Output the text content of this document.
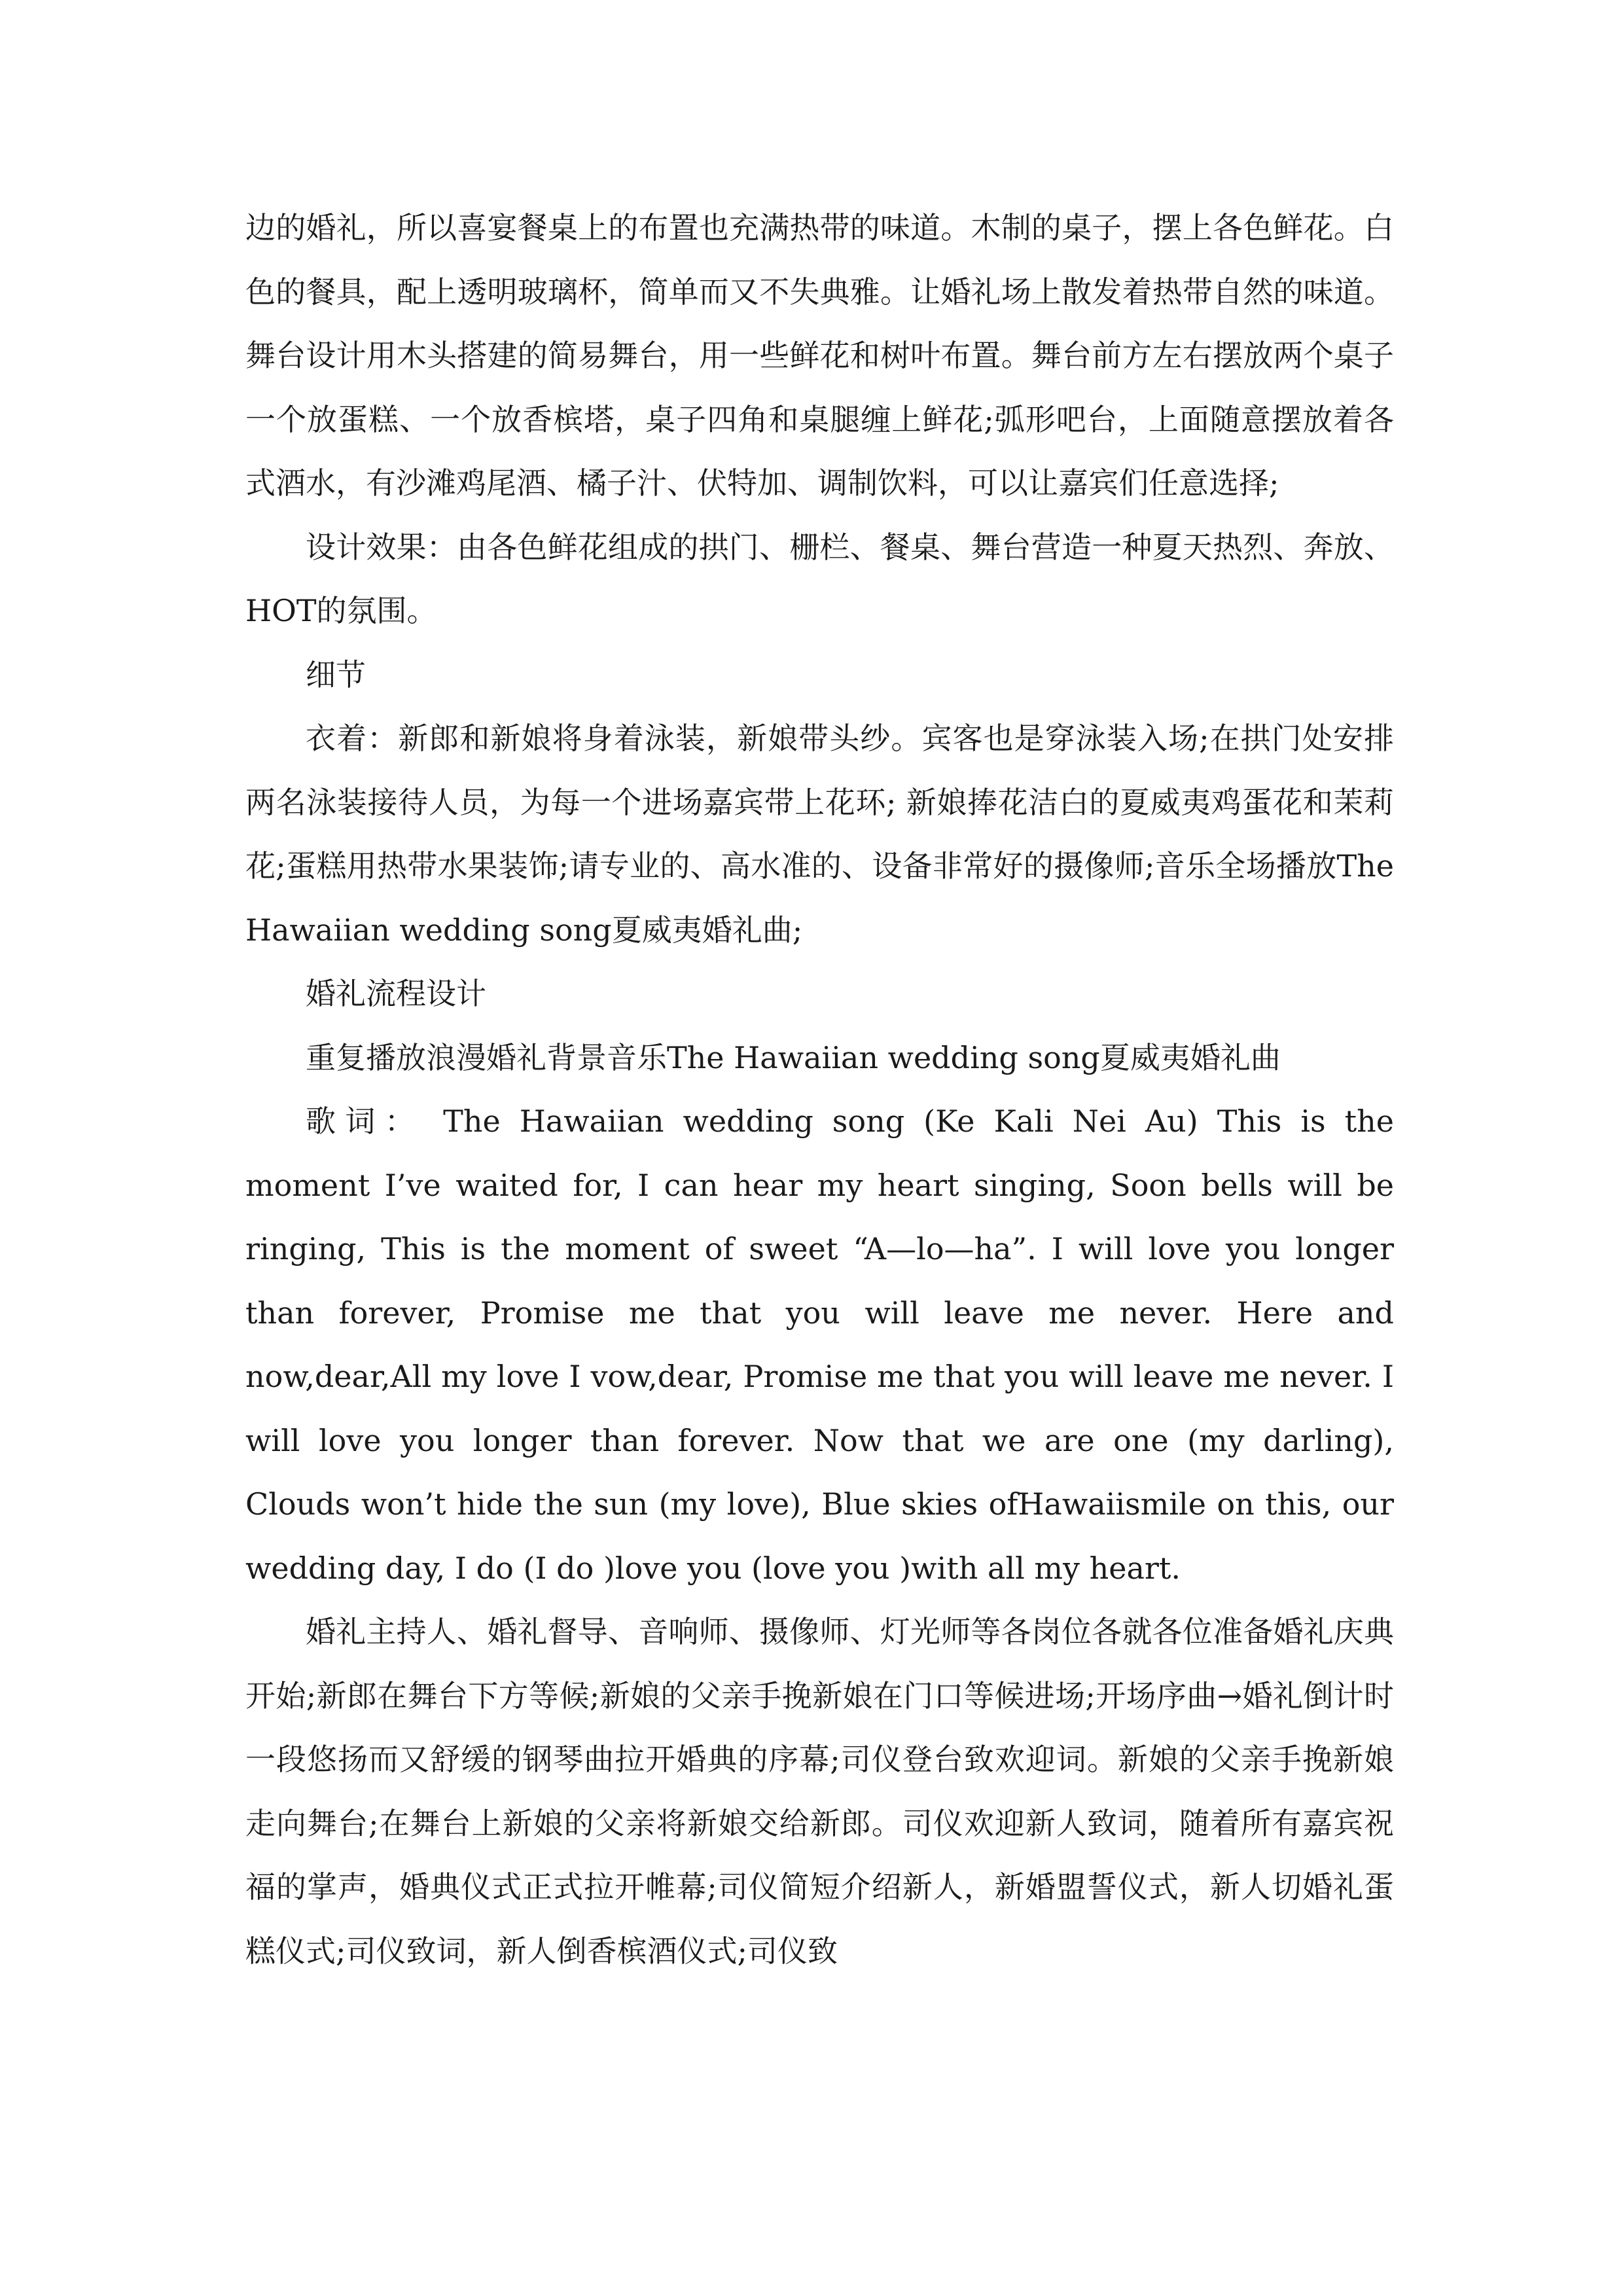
边的婚礼，所以喜宴餐桌上的布置也充满热带的味道。木制的桌子，摆上各色鲜花。白色的餐具，配上透明玻璃杯，简单而又不失典雅。让婚礼场上散发着热带自然的味道。 舞台设计用木头搭建的简易舞台，用一些鲜花和树叶布置。舞台前方左右摆放两个桌子一个放蛋糕、一个放香槟塔，桌子四角和桌腿缠上鲜花;弧形吧台，上面随意摆放着各式酒水，有沙滩鸡尾酒、橘子汁、伏特加、调制饮料，可以让嘉宾们任意选择;

设计效果：由各色鲜花组成的拱门、栅栏、餐桌、舞台营造一种夏天热烈、奔放、HOT的氛围。

细节

衣着：新郎和新娘将身着泳装，新娘带头纱。宾客也是穿泳装入场;在拱门处安排两名泳装接待人员，为每一个进场嘉宾带上花环; 新娘捧花洁白的夏威夷鸡蛋花和茉莉花;蛋糕用热带水果装饰;请专业的、高水准的、设备非常好的摄像师;音乐全场播放The Hawaiian wedding song夏威夷婚礼曲;

婚礼流程设计

重复播放浪漫婚礼背景音乐The Hawaiian wedding song夏威夷婚礼曲

歌词： The Hawaiian wedding song (Ke Kali Nei Au) This is the moment I’ve waited for, I can hear my heart singing, Soon bells will be ringing, This is the moment of sweet “A—lo—ha”. I will love you longer than forever, Promise me that you will leave me never. Here and now,dear,All my love I vow,dear, Promise me that you will leave me never. I will love you longer than forever. Now that we are one (my darling), Clouds won’t hide the sun (my love), Blue skies ofHawaiismile on this, our wedding day, I do (I do )love you (love you )with all my heart.

婚礼主持人、婚礼督导、音响师、摄像师、灯光师等各岗位各就各位准备婚礼庆典开始;新郎在舞台下方等候;新娘的父亲手挽新娘在门口等候进场;开场序曲→婚礼倒计时一段悠扬而又舒缓的钢琴曲拉开婚典的序幕;司仪登台致欢迎词。新娘的父亲手挽新娘走向舞台;在舞台上新娘的父亲将新娘交给新郎。司仪欢迎新人致词，随着所有嘉宾祝福的掌声，婚典仪式正式拉开帷幕;司仪简短介绍新人，新婚盟誓仪式，新人切婚礼蛋糕仪式;司仪致词，新人倒香槟酒仪式;司仪致
